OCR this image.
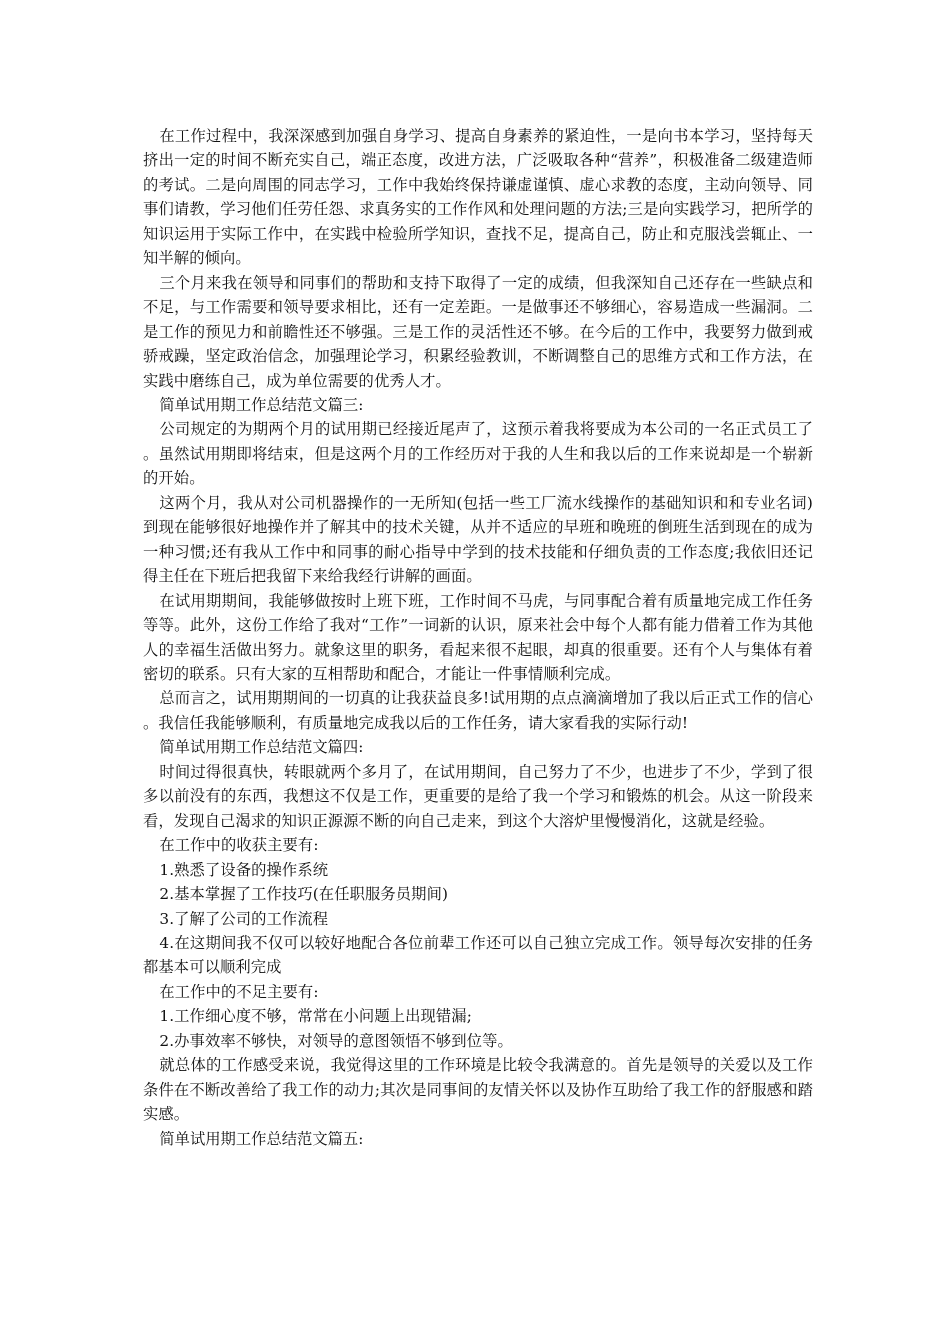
在工作过程中，我深深感到加强自身学习、提高自身素养的紧迫性，一是向书本学习，坚持每天挤出一定的时间不断充实自己，端正态度，改进方法，广泛吸取各种“营养”，积极准备二级建造师的考试。二是向周围的同志学习，工作中我始终保持谦虚谨慎、虚心求教的态度，主动向领导、同事们请教，学习他们任劳任怨、求真务实的工作作风和处理问题的方法;三是向实践学习，把所学的知识运用于实际工作中，在实践中检验所学知识，查找不足，提高自己，防止和克服浅尝辄止、一知半解的倾向。

三个月来我在领导和同事们的帮助和支持下取得了一定的成绩，但我深知自己还存在一些缺点和不足，与工作需要和领导要求相比，还有一定差距。一是做事还不够细心，容易造成一些漏洞。二是工作的预见力和前瞻性还不够强。三是工作的灵活性还不够。在今后的工作中，我要努力做到戒骄戒躁，坚定政治信念，加强理论学习，积累经验教训，不断调整自己的思维方式和工作方法，在实践中磨练自己，成为单位需要的优秀人才。

简单试用期工作总结范文篇三:

公司规定的为期两个月的试用期已经接近尾声了，这预示着我将要成为本公司的一名正式员工了。虽然试用期即将结束，但是这两个月的工作经历对于我的人生和我以后的工作来说却是一个崭新的开始。

这两个月，我从对公司机器操作的一无所知(包括一些工厂流水线操作的基础知识和和专业名词)到现在能够很好地操作并了解其中的技术关键，从并不适应的早班和晚班的倒班生活到现在的成为一种习惯;还有我从工作中和同事的耐心指导中学到的技术技能和仔细负责的工作态度;我依旧还记得主任在下班后把我留下来给我经行讲解的画面。

在试用期期间，我能够做按时上班下班，工作时间不马虎，与同事配合着有质量地完成工作任务等等。此外，这份工作给了我对“工作”一词新的认识，原来社会中每个人都有能力借着工作为其他人的幸福生活做出努力。就象这里的职务，看起来很不起眼，却真的很重要。还有个人与集体有着密切的联系。只有大家的互相帮助和配合，才能让一件事情顺利完成。

总而言之，试用期期间的一切真的让我获益良多!试用期的点点滴滴增加了我以后正式工作的信心。我信任我能够顺利，有质量地完成我以后的工作任务，请大家看我的实际行动!

简单试用期工作总结范文篇四:

时间过得很真快，转眼就两个多月了，在试用期间，自己努力了不少，也进步了不少，学到了很多以前没有的东西，我想这不仅是工作，更重要的是给了我一个学习和锻炼的机会。从这一阶段来看，发现自己渴求的知识正源源不断的向自己走来，到这个大溶炉里慢慢消化，这就是经验。

在工作中的收获主要有:

1.熟悉了设备的操作系统

2.基本掌握了工作技巧(在任职服务员期间)

3.了解了公司的工作流程

4.在这期间我不仅可以较好地配合各位前辈工作还可以自己独立完成工作。领导每次安排的任务都基本可以顺利完成

在工作中的不足主要有:

1.工作细心度不够，常常在小问题上出现错漏;

2.办事效率不够快，对领导的意图领悟不够到位等。

就总体的工作感受来说，我觉得这里的工作环境是比较令我满意的。首先是领导的关爱以及工作条件在不断改善给了我工作的动力;其次是同事间的友情关怀以及协作互助给了我工作的舒服感和踏实感。

简单试用期工作总结范文篇五:
